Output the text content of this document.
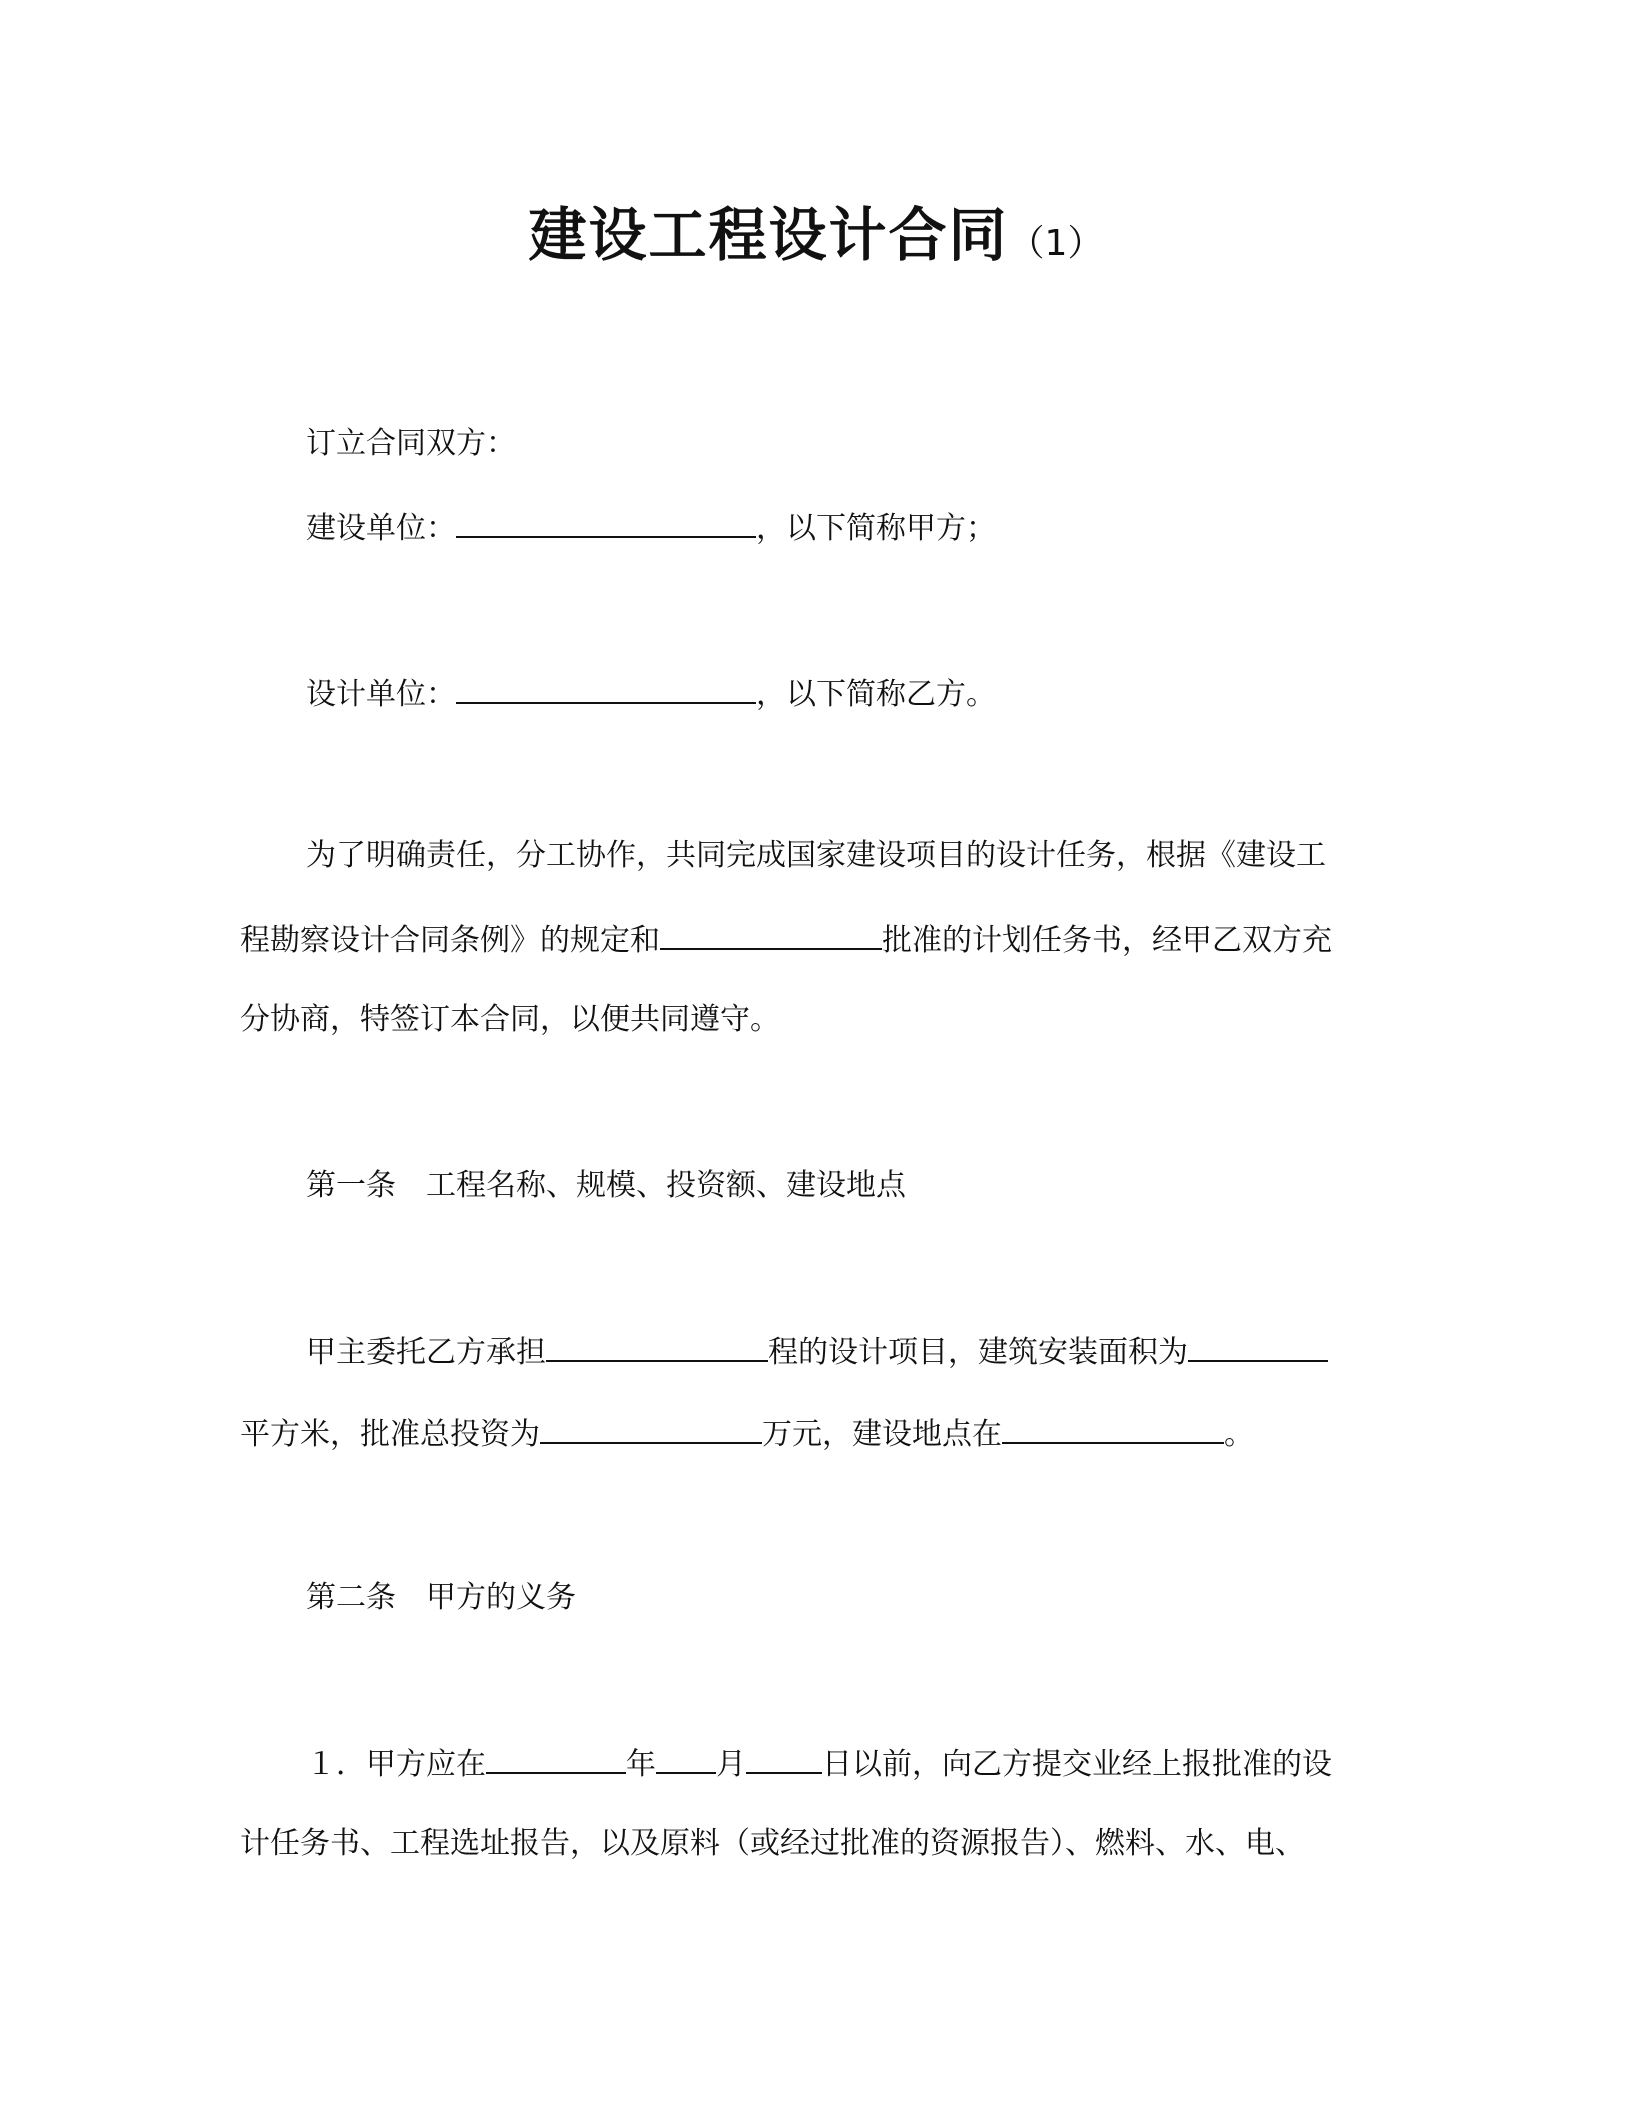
建设工程设计合同（1）
订立合同双方：
建设单位：	，以下简称甲方；
设计单位：	，以下简称乙方。
为了明确责任，分工协作，共同完成国家建设项目的设计任务，根据《建设工
程勘察设计合同条例》的规定和	批准的计划任务书，经甲乙双方充
分协商，特签订本合同，以便共同遵守。
第一条　工程名称、规模、投资额、建设地点
甲主委托乙方承担	程的设计项目，建筑安装面积为
平方米，批准总投资为	万元，建设地点在	。
第二条　甲方的义务
１．甲方应在	年 月	日以前，向乙方提交业经上报批准的设
计任务书、工程选址报告，以及原料（或经过批准的资源报告）、燃料、水、电、
